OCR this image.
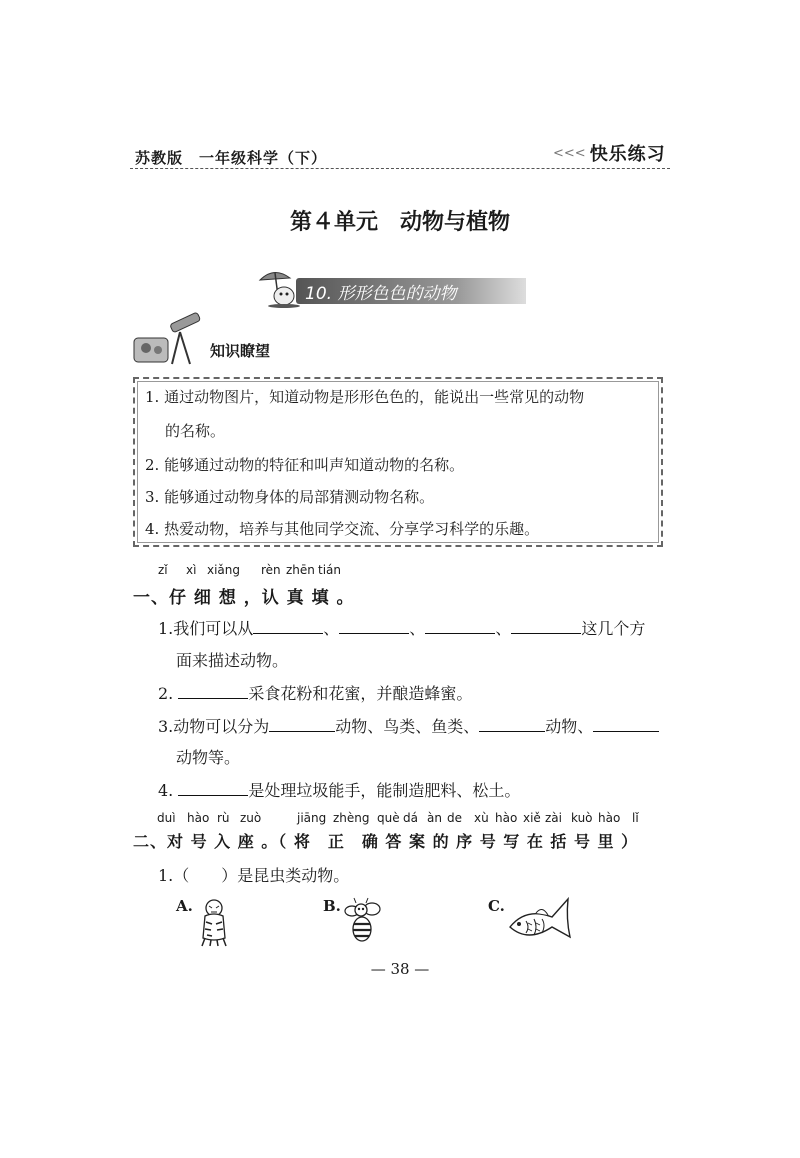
苏教版　一年级科学（下）	<<< 快乐练习
第４单元　动物与植物
10. 形形色色的动物
知识瞭望
1. 通过动物图片，知道动物是形形色色的，能说出一些常见的动物
的名称。
2. 能够通过动物的特征和叫声知道动物的名称。
3. 能够通过动物身体的局部猜测动物名称。
4. 热爱动物，培养与其他同学交流、分享学习科学的乐趣。
zǐ xì xiǎng rèn zhēn tián
一、仔 细 想 ，认 真 填 。
1.我们可以从	、	、	、	这几个方
面来描述动物。
2.	采食花粉和花蜜，并酿造蜂蜜。
3.动物可以分为	动物、鸟类、鱼类、	动物、
动物等。
4.	是处理垃圾能手，能制造肥料、松土。
duì hào rù zuò	jiāng zhèng què dá àn de xù hào xiě zài kuò hào lǐ
二、对 号 入 座 。（ 将　正　确 答 案 的 序 号 写 在 括 号 里 ）
1.（　　）是昆虫类动物。
A.	B.	C.
— 38 —
